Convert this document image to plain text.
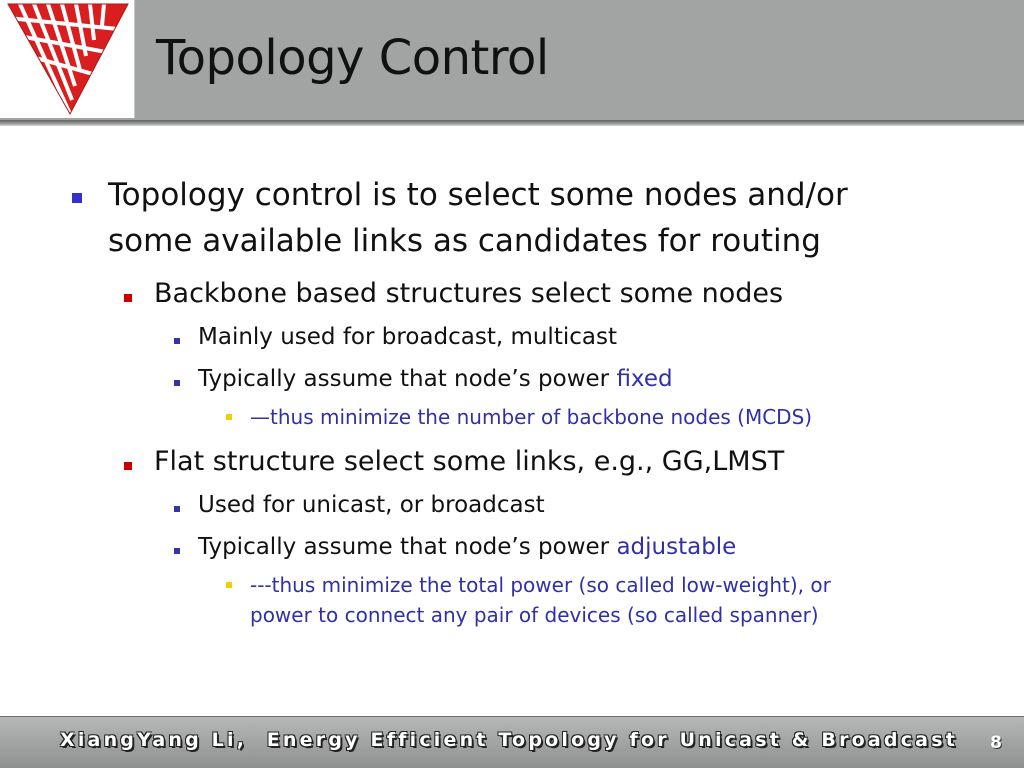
Topology Control
Topology control is to select some nodes and/or
some available links as candidates for routing
Backbone based structures select some nodes
Mainly used for broadcast, multicast
Typically assume that node’s power fixed
—thus minimize the number of backbone nodes (MCDS)
Flat structure select some links, e.g., GG,LMST
Used for unicast, or broadcast
Typically assume that node’s power adjustable
---thus minimize the total power (so called low-weight), or
power to connect any pair of devices (so called spanner)
XiangYang Li,  Energy Efficient Topology for Unicast & Broadcast 8
